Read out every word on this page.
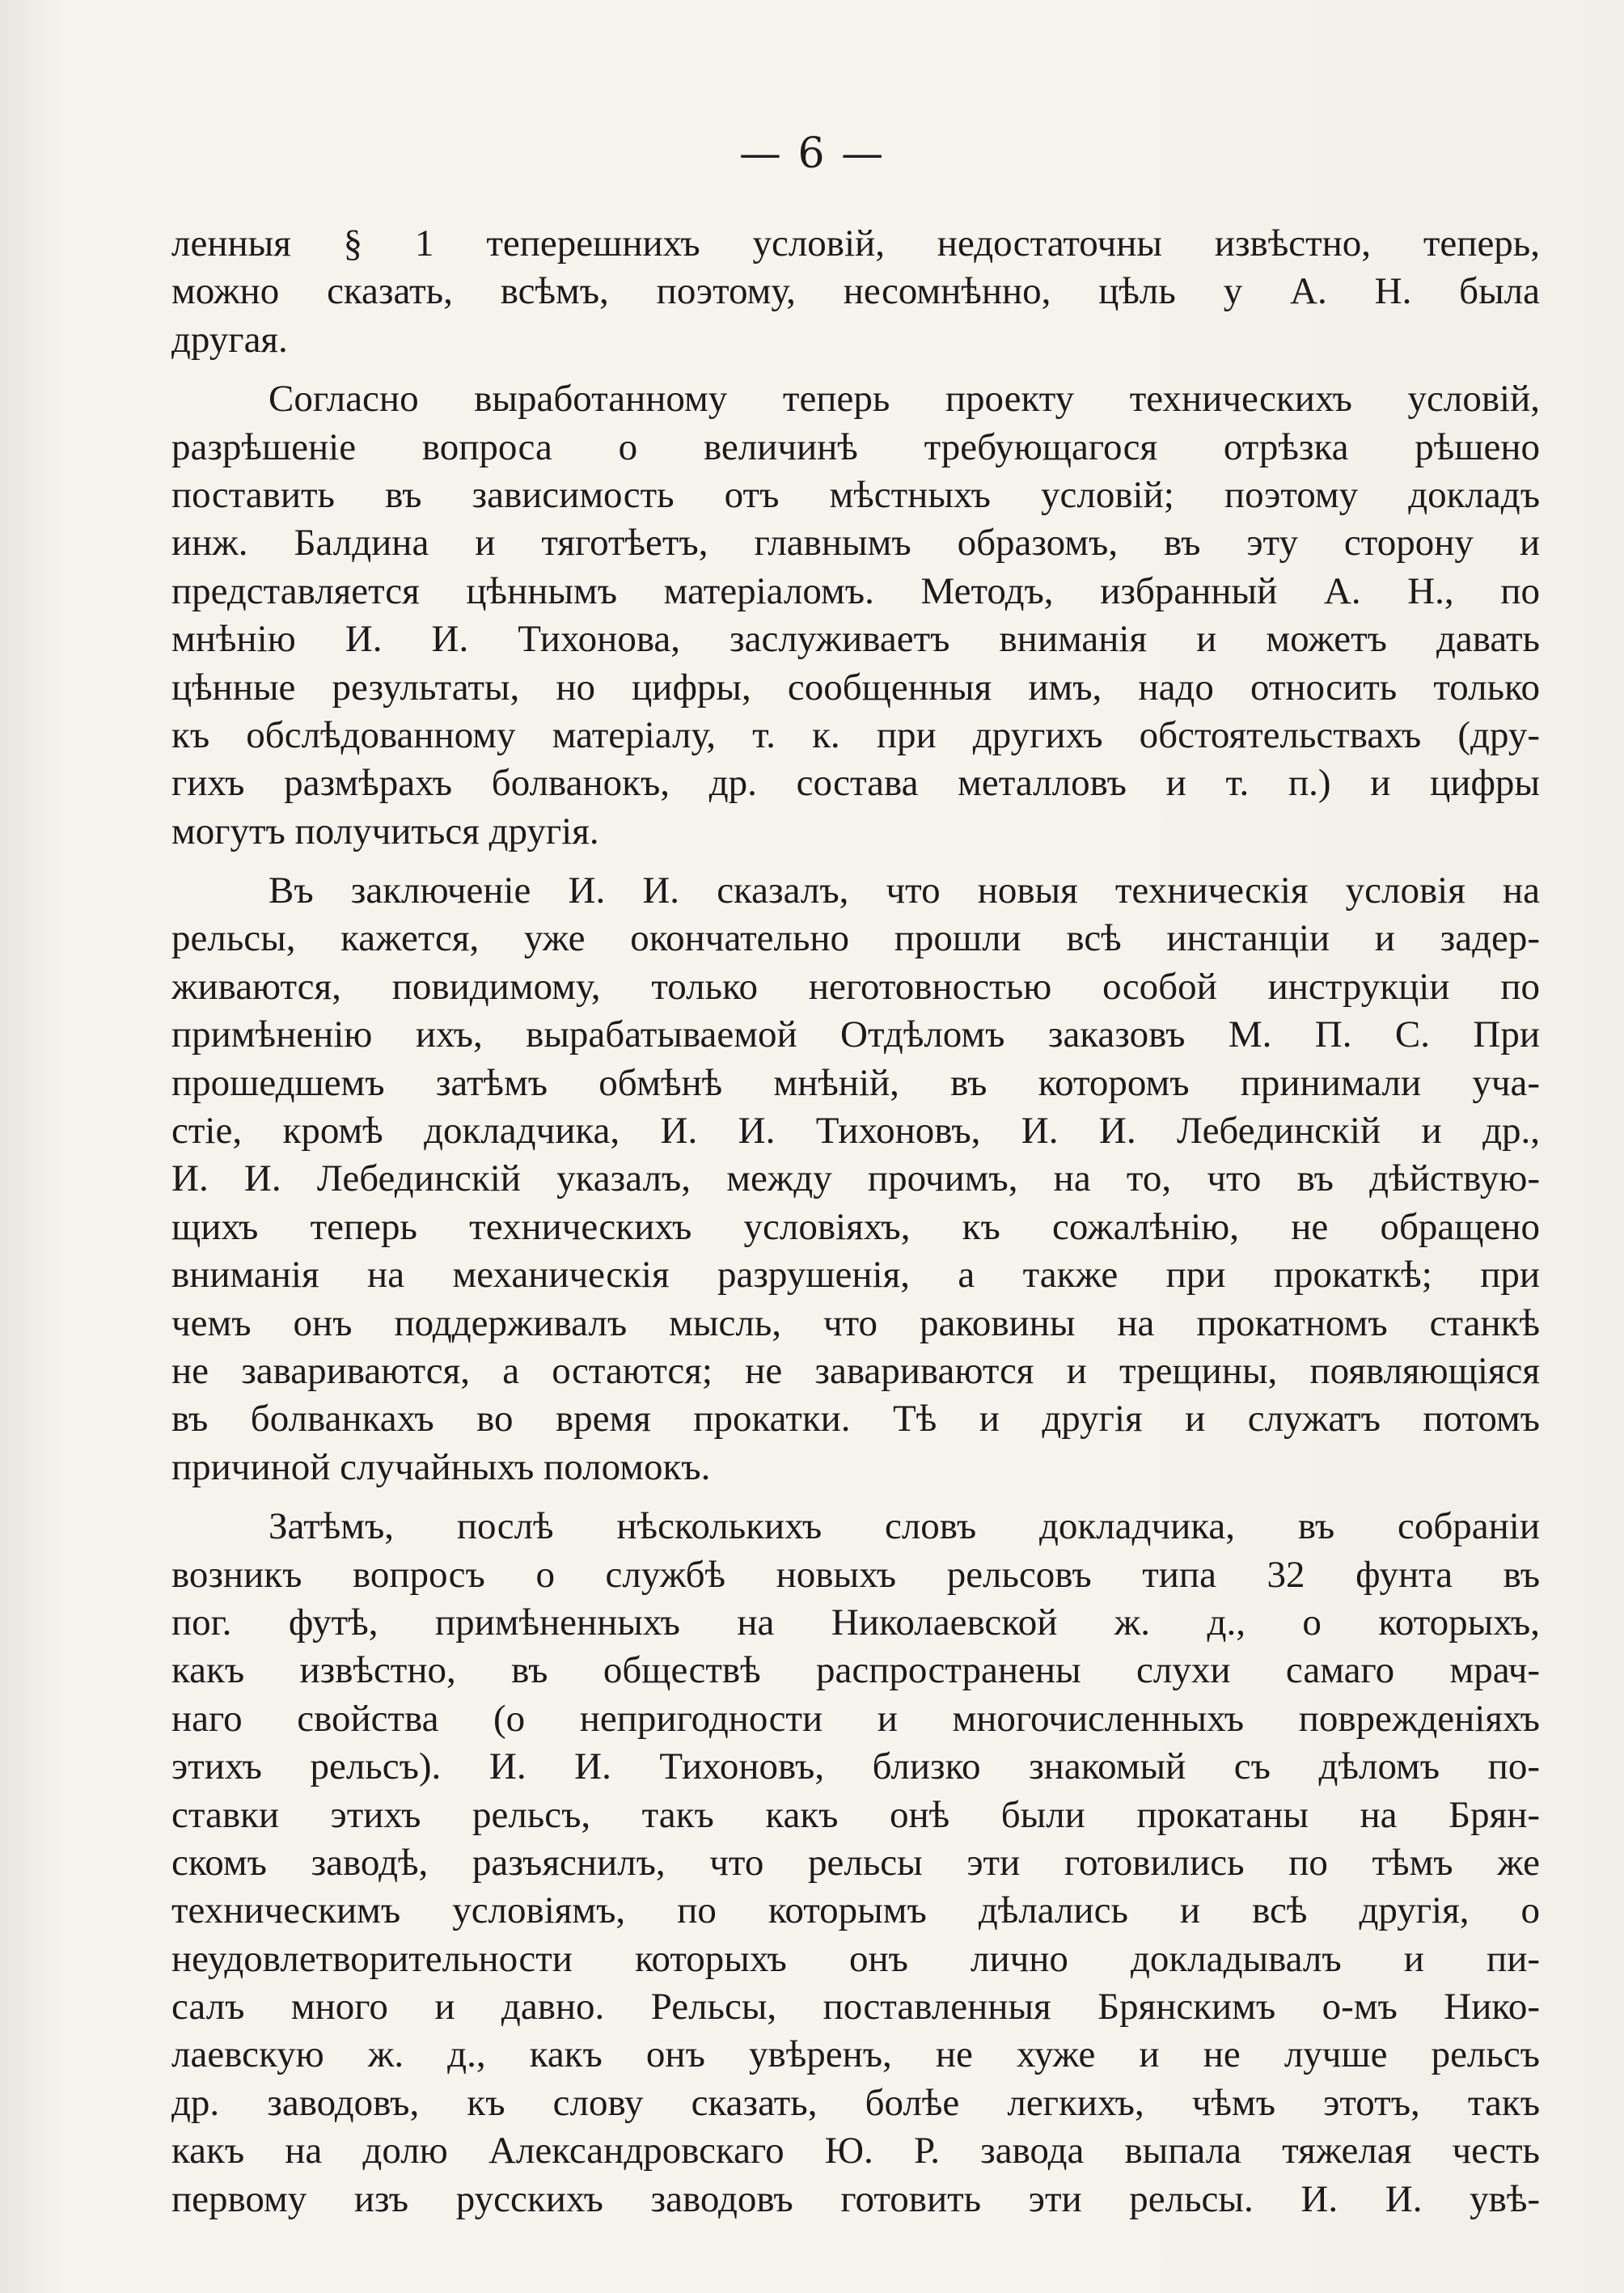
— 6 —
ленныя § 1 теперешнихъ условій, недостаточны извѣстно, теперь,
можно сказать, всѣмъ, поэтому, несомнѣнно, цѣль у А. Н. была
другая.
Согласно выработанному теперь проекту техническихъ условій,
разрѣшеніе вопроса о величинѣ требующагося отрѣзка рѣшено
поставить въ зависимость отъ мѣстныхъ условій; поэтому докладъ
инж. Балдина и тяготѣетъ, главнымъ образомъ, въ эту сторону и
представляется цѣннымъ матеріаломъ. Методъ, избранный А. Н., по
мнѣнію И. И. Тихонова, заслуживаетъ вниманія и можетъ давать
цѣнные результаты, но цифры, сообщенныя имъ, надо относить только
къ обслѣдованному матеріалу, т. к. при другихъ обстоятельствахъ (дру-
гихъ размѣрахъ болванокъ, др. состава металловъ и т. п.) и цифры
могутъ получиться другія.
Въ заключеніе И. И. сказалъ, что новыя техническія условія на
рельсы, кажется, уже окончательно прошли всѣ инстанціи и задер-
живаются, повидимому, только неготовностью особой инструкціи по
примѣненію ихъ, вырабатываемой Отдѣломъ заказовъ М. П. С. При
прошедшемъ затѣмъ обмѣнѣ мнѣній, въ которомъ принимали уча-
стіе, кромѣ докладчика, И. И. Тихоновъ, И. И. Лебединскій и др.,
И. И. Лебединскій указалъ, между прочимъ, на то, что въ дѣйствую-
щихъ теперь техническихъ условіяхъ, къ сожалѣнію, не обращено
вниманія на механическія разрушенія, а также при прокаткѣ; при
чемъ онъ поддерживалъ мысль, что раковины на прокатномъ станкѣ
не завариваются, а остаются; не завариваются и трещины, появляющіяся
въ болванкахъ во время прокатки. Тѣ и другія и служатъ потомъ
причиной случайныхъ поломокъ.
Затѣмъ, послѣ нѣсколькихъ словъ докладчика, въ собраніи
возникъ вопросъ о службѣ новыхъ рельсовъ типа 32 фунта въ
пог. футѣ, примѣненныхъ на Николаевской ж. д., о которыхъ,
какъ извѣстно, въ обществѣ распространены слухи самаго мрач-
наго свойства (о непригодности и многочисленныхъ поврежденіяхъ
этихъ рельсъ). И. И. Тихоновъ, близко знакомый съ дѣломъ по-
ставки этихъ рельсъ, такъ какъ онѣ были прокатаны на Брян-
скомъ заводѣ, разъяснилъ, что рельсы эти готовились по тѣмъ же
техническимъ условіямъ, по которымъ дѣлались и всѣ другія, о
неудовлетворительности которыхъ онъ лично докладывалъ и пи-
салъ много и давно. Рельсы, поставленныя Брянскимъ о-мъ Нико-
лаевскую ж. д., какъ онъ увѣренъ, не хуже и не лучше рельсъ
др. заводовъ, къ слову сказать, болѣе легкихъ, чѣмъ этотъ, такъ
какъ на долю Александровскаго Ю. Р. завода выпала тяжелая честь
первому изъ русскихъ заводовъ готовить эти рельсы. И. И. увѣ-
